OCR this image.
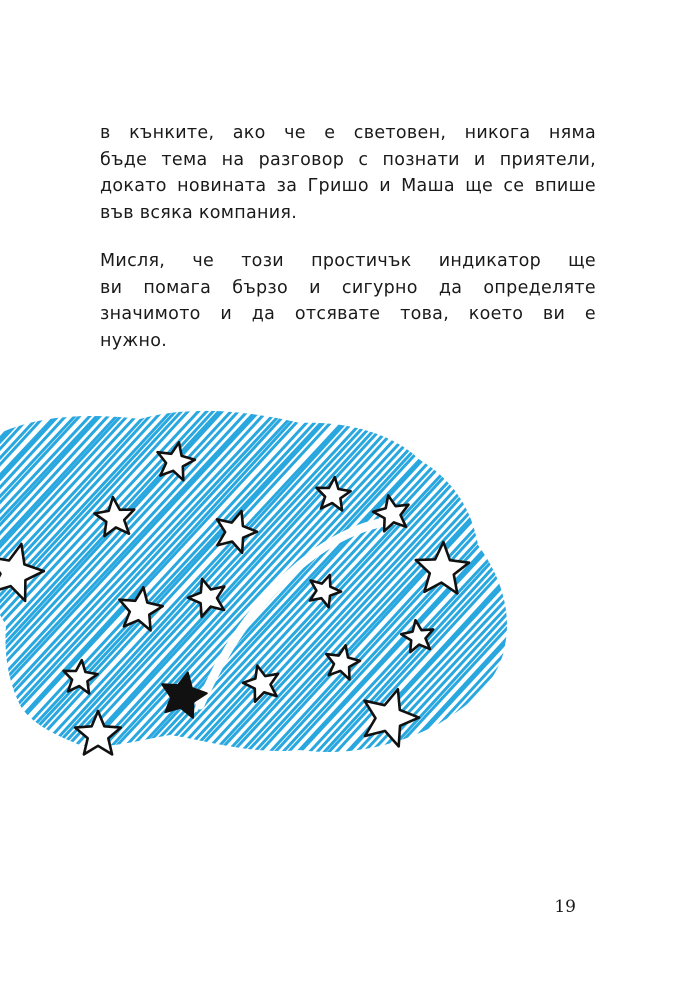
в кънките, ако че е световен, никога няма
бъде тема на разговор с познати и приятели,
докато новината за Гришо и Маша ще се впише
във всяка компания.
Мисля, че този простичък индикатор ще
ви помага бързо и сигурно да определяте
значимото и да отсявате това, което ви е
нужно.
19
